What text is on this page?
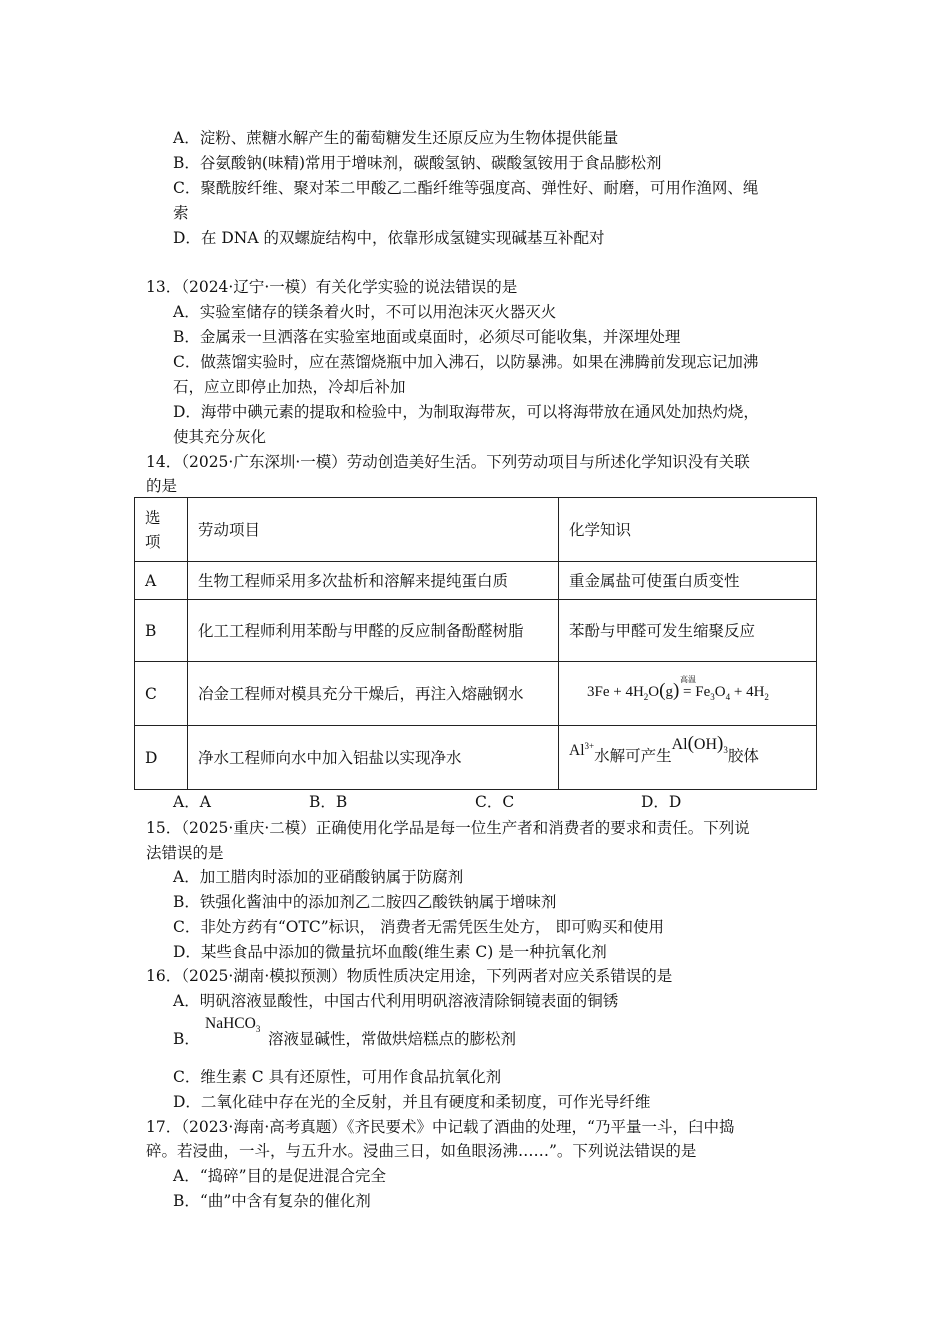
A．淀粉、蔗糖水解产生的葡萄糖发生还原反应为生物体提供能量
B．谷氨酸钠(味精)常用于增味剂，碳酸氢钠、碳酸氢铵用于食品膨松剂
C．聚酰胺纤维、聚对苯二甲酸乙二酯纤维等强度高、弹性好、耐磨，可用作渔网、绳
索
D．在 DNA 的双螺旋结构中，依靠形成氢键实现碱基互补配对
13．（2024·辽宁·一模）有关化学实验的说法错误的是
A．实验室储存的镁条着火时，不可以用泡沫灭火器灭火
B．金属汞一旦洒落在实验室地面或桌面时，必须尽可能收集，并深埋处理
C．做蒸馏实验时，应在蒸馏烧瓶中加入沸石，以防暴沸。如果在沸腾前发现忘记加沸
石，应立即停止加热，冷却后补加
D．海带中碘元素的提取和检验中，为制取海带灰，可以将海带放在通风处加热灼烧，
使其充分灰化
14．（2025·广东深圳·一模）劳动创造美好生活。下列劳动项目与所述化学知识没有关联
的是
选
项	劳动项目	化学知识
A	生物工程师采用多次盐析和溶解来提纯蛋白质	重金属盐可使蛋白质变性
B	化工工程师利用苯酚与甲醛的反应制备酚醛树脂	苯酚与甲醛可发生缩聚反应
C	冶金工程师对模具充分干燥后，再注入熔融钢水	$3Fe + 4H_2O(g)$
高温
= $Fe_3O_4 + 4H_2$

D	净水工程师向水中加入铝盐以实现净水	$Al^{3+}$水解可产生$Al(OH)_3$胶体
A．A	B．B	C．C	D．D
15．（2025·重庆·二模）正确使用化学品是每一位生产者和消费者的要求和责任。下列说
法错误的是
A．加工腊肉时添加的亚硝酸钠属于防腐剂
B．铁强化酱油中的添加剂乙二胺四乙酸铁钠属于增味剂
C．非处方药有“OTC”标识， 消费者无需凭医生处方， 即可购买和使用
D．某些食品中添加的微量抗坏血酸(维生素 C) 是一种抗氧化剂
16．（2025·湖南·模拟预测）物质性质决定用途，下列两者对应关系错误的是
A．明矾溶液显酸性，中国古代利用明矾溶液清除铜镜表面的铜锈
B．
NaHCO$_3$
溶液显碱性，常做烘焙糕点的膨松剂
C．维生素 C 具有还原性，可用作食品抗氧化剂
D．二氧化硅中存在光的全反射，并且有硬度和柔韧度，可作光导纤维
17．（2023·海南·高考真题）《齐民要术》中记载了酒曲的处理，“乃平量一斗，臼中捣
碎。若浸曲，一斗，与五升水。浸曲三日，如鱼眼汤沸……”。下列说法错误的是
A．“捣碎”目的是促进混合完全
B．“曲”中含有复杂的催化剂
